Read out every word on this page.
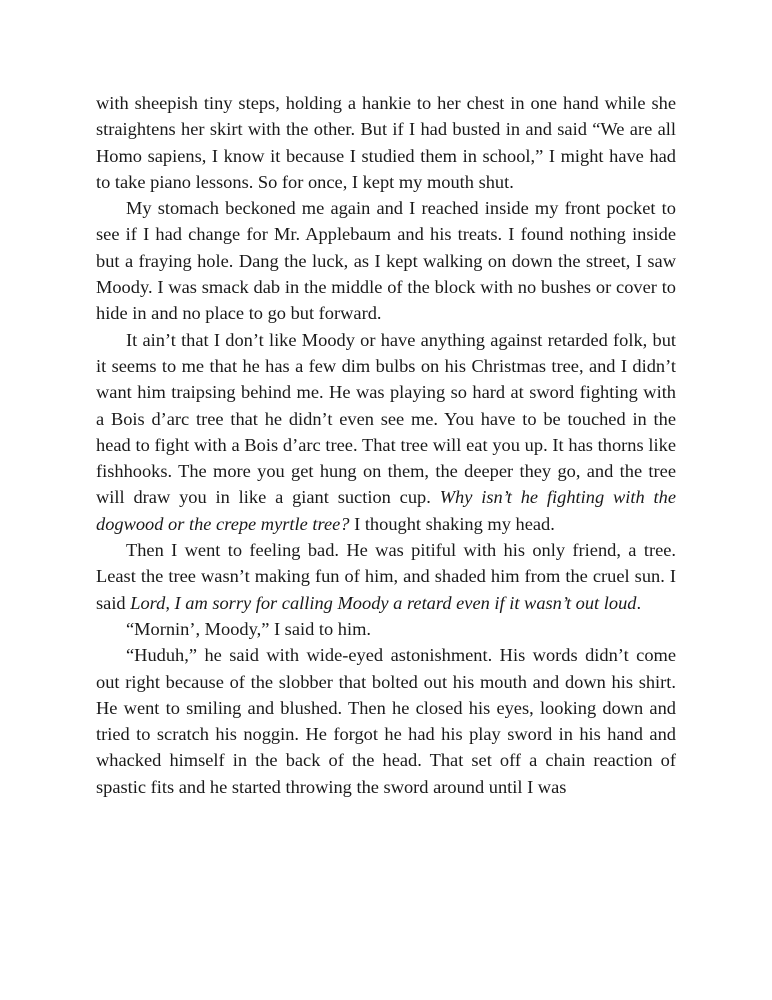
with sheepish tiny steps, holding a hankie to her chest in one hand while she straightens her skirt with the other. But if I had busted in and said “We are all Homo sapiens, I know it because I studied them in school,” I might have had to take piano lessons. So for once, I kept my mouth shut.

My stomach beckoned me again and I reached inside my front pocket to see if I had change for Mr. Applebaum and his treats. I found nothing inside but a fraying hole. Dang the luck, as I kept walking on down the street, I saw Moody. I was smack dab in the middle of the block with no bushes or cover to hide in and no place to go but forward.

It ain’t that I don’t like Moody or have anything against retarded folk, but it seems to me that he has a few dim bulbs on his Christmas tree, and I didn’t want him traipsing behind me. He was playing so hard at sword fighting with a Bois d’arc tree that he didn’t even see me. You have to be touched in the head to fight with a Bois d’arc tree. That tree will eat you up. It has thorns like fishhooks. The more you get hung on them, the deeper they go, and the tree will draw you in like a giant suction cup. Why isn’t he fighting with the dogwood or the crepe myrtle tree? I thought shaking my head.

Then I went to feeling bad. He was pitiful with his only friend, a tree. Least the tree wasn’t making fun of him, and shaded him from the cruel sun. I said Lord, I am sorry for calling Moody a retard even if it wasn’t out loud.

“Mornin’, Moody,” I said to him.

“Huduh,” he said with wide-eyed astonishment. His words didn’t come out right because of the slobber that bolted out his mouth and down his shirt. He went to smiling and blushed. Then he closed his eyes, looking down and tried to scratch his noggin. He forgot he had his play sword in his hand and whacked himself in the back of the head. That set off a chain reaction of spastic fits and he started throwing the sword around until I was
